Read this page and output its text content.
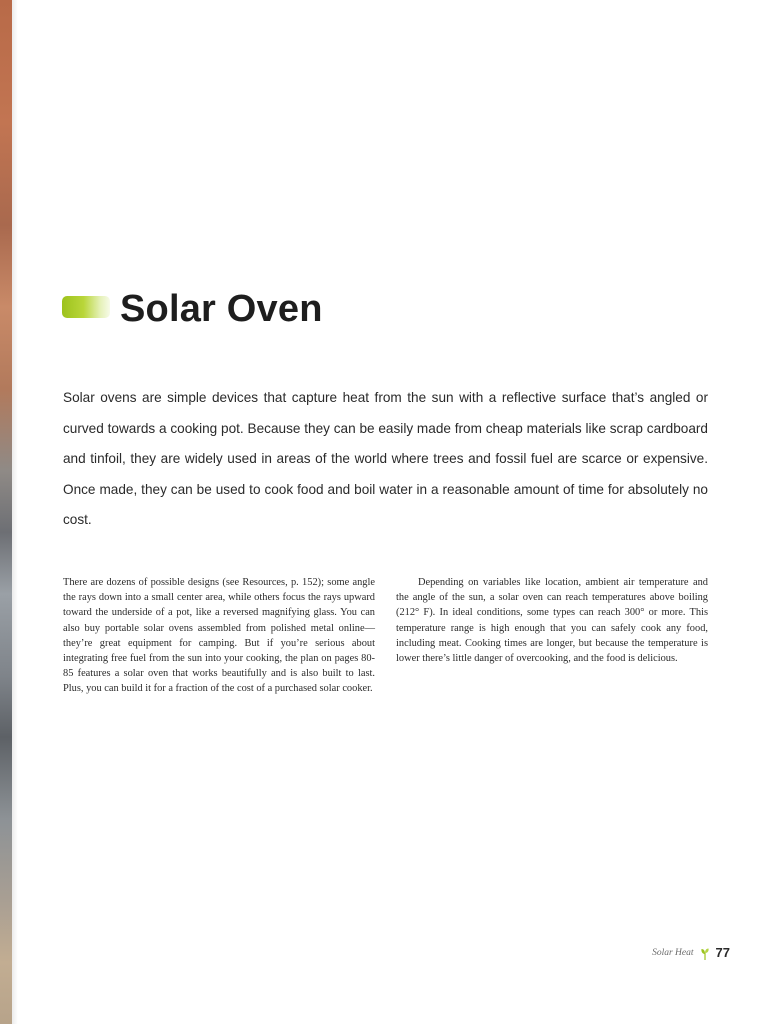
Solar Oven

Solar ovens are simple devices that capture heat from the sun with a reflective surface that’s angled or curved towards a cooking pot. Because they can be easily made from cheap materials like scrap cardboard and tinfoil, they are widely used in areas of the world where trees and fossil fuel are scarce or expensive. Once made, they can be used to cook food and boil water in a reasonable amount of time for absolutely no cost.

There are dozens of possible designs (see Resources, p. 152); some angle the rays down into a small center area, while others focus the rays upward toward the underside of a pot, like a reversed magnifying glass. You can also buy portable solar ovens assembled from polished metal online—they’re great equipment for camping. But if you’re serious about integrating free fuel from the sun into your cooking, the plan on pages 80-85 features a solar oven that works beautifully and is also built to last. Plus, you can build it for a fraction of the cost of a purchased solar cooker.

Depending on variables like location, ambient air temperature and the angle of the sun, a solar oven can reach temperatures above boiling (212° F). In ideal conditions, some types can reach 300° or more. This temperature range is high enough that you can safely cook any food, including meat. Cooking times are longer, but because the temperature is lower there’s little danger of overcooking, and the food is delicious.

Solar Heat 77
